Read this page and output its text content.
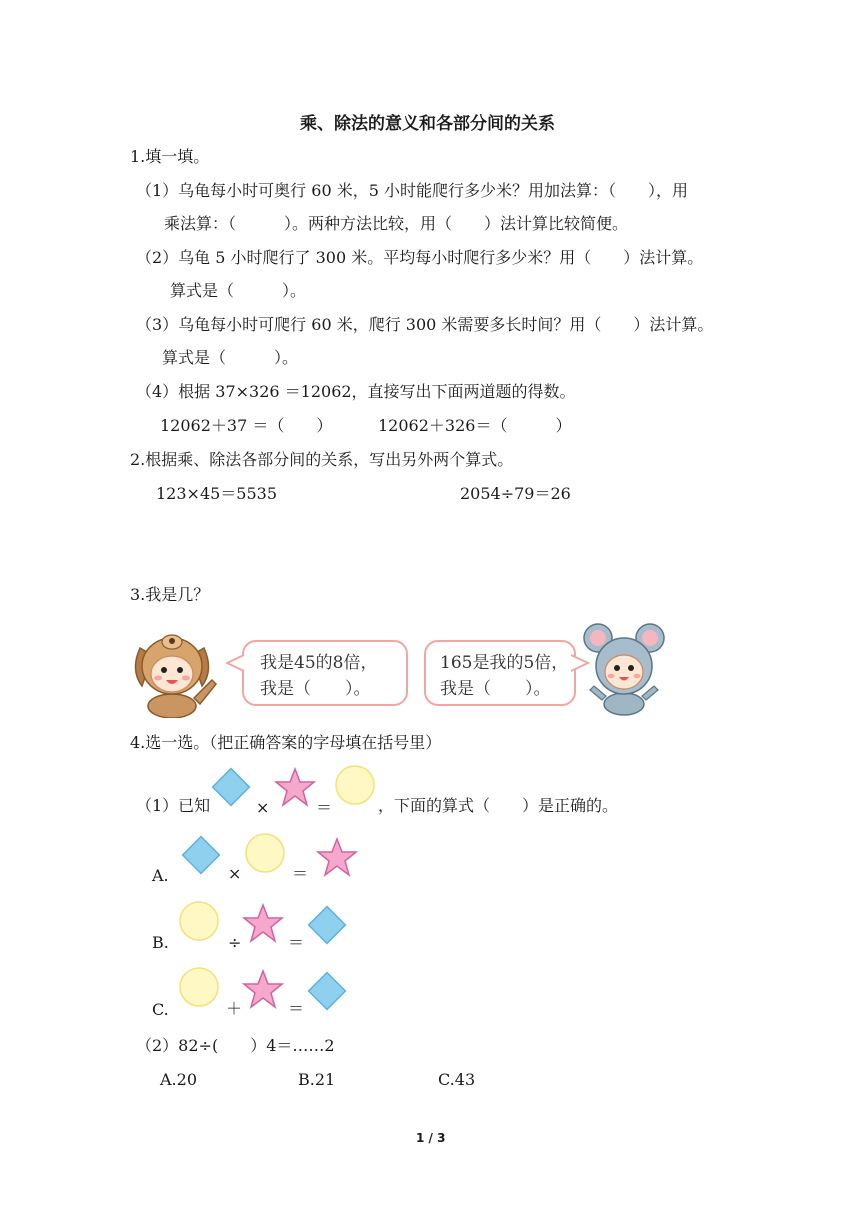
乘、除法的意义和各部分间的关系
1.填一填。
（1）乌龟每小时可奥行 60 米，5 小时能爬行多少米？用加法算：（　　），用
乘法算：（　　　）。两种方法比较，用（　　）法计算比较简便。
（2）乌龟 5 小时爬行了 300 米。平均每小时爬行多少米？用（　　）法计算。
算式是（　　　）。
（3）乌龟每小时可爬行 60 米，爬行 300 米需要多长时间？用（　　）法计算。
算式是（　　　）。
（4）根据 37×326 ＝12062，直接写出下面两道题的得数。
12062＋37 ＝（　　）	12062＋326＝（　　　）
2.根据乘、除法各部分间的关系，写出另外两个算式。
123×45＝5535	2054÷79＝26
3.我是几？
我是45的8倍，
我是（　　）。
165是我的5倍，
我是（　　）。
4.选一选。（把正确答案的字母填在括号里）
（1）已知	×	＝	，下面的算式（　　）是正确的。
A.	×	＝
B.	÷	＝
C.	＋	＝
（2）82÷(　　）4＝……2
A.20	B.21	C.43
1 / 3
